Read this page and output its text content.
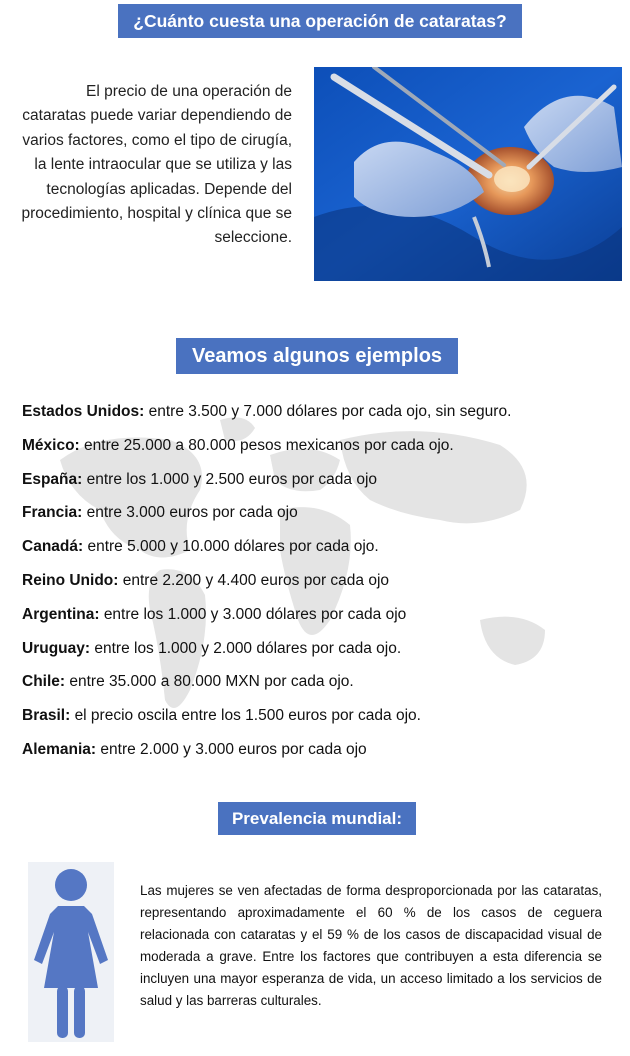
¿Cuánto cuesta una operación de cataratas?
El precio de una operación de cataratas puede variar dependiendo de varios factores, como el tipo de cirugía, la lente intraocular que se utiliza y las tecnologías aplicadas. Depende del procedimiento, hospital y clínica que se seleccione.
Veamos algunos ejemplos
Estados Unidos: entre 3.500 y 7.000 dólares por cada ojo, sin seguro.
México: entre 25.000 a 80.000 pesos mexicanos por cada ojo.
España: entre los 1.000 y 2.500 euros por cada ojo
Francia: entre 3.000 euros por cada ojo
Canadá: entre 5.000 y 10.000 dólares por cada ojo.
Reino Unido: entre 2.200 y 4.400 euros por cada ojo
Argentina: entre los 1.000 y 3.000 dólares por cada ojo
Uruguay: entre los 1.000 y 2.000 dólares por cada ojo.
Chile: entre 35.000 a 80.000 MXN por cada ojo.
Brasil: el precio oscila entre los 1.500 euros por cada ojo.
Alemania: entre 2.000 y 3.000 euros por cada ojo
Prevalencia mundial:
Las mujeres se ven afectadas de forma desproporcionada por las cataratas, representando aproximadamente el 60 % de los casos de ceguera relacionada con cataratas y el 59 % de los casos de discapacidad visual de moderada a grave. Entre los factores que contribuyen a esta diferencia se incluyen una mayor esperanza de vida, un acceso limitado a los servicios de salud y las barreras culturales.
